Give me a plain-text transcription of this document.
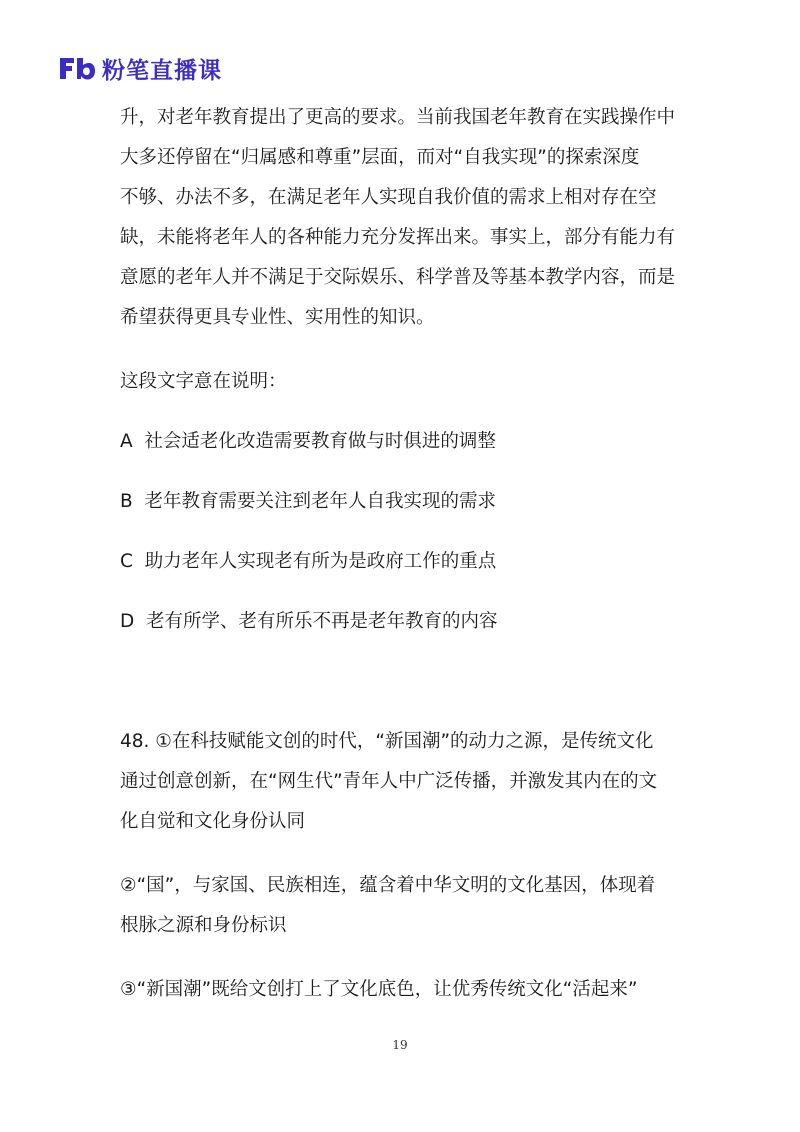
粉笔直播课
升，对老年教育提出了更高的要求。当前我国老年教育在实践操作中
大多还停留在“归属感和尊重”层面，而对“自我实现”的探索深度
不够、办法不多，在满足老年人实现自我价值的需求上相对存在空
缺，未能将老年人的各种能力充分发挥出来。事实上，部分有能力有
意愿的老年人并不满足于交际娱乐、科学普及等基本教学内容，而是
希望获得更具专业性、实用性的知识。
这段文字意在说明：
A 社会适老化改造需要教育做与时俱进的调整
B 老年教育需要关注到老年人自我实现的需求
C 助力老年人实现老有所为是政府工作的重点
D 老有所学、老有所乐不再是老年教育的内容
48. ①在科技赋能文创的时代，“新国潮”的动力之源，是传统文化
通过创意创新，在“网生代”青年人中广泛传播，并激发其内在的文
化自觉和文化身份认同
②“国”，与家国、民族相连，蕴含着中华文明的文化基因，体现着
根脉之源和身份标识
③“新国潮”既给文创打上了文化底色，让优秀传统文化“活起来”
19
